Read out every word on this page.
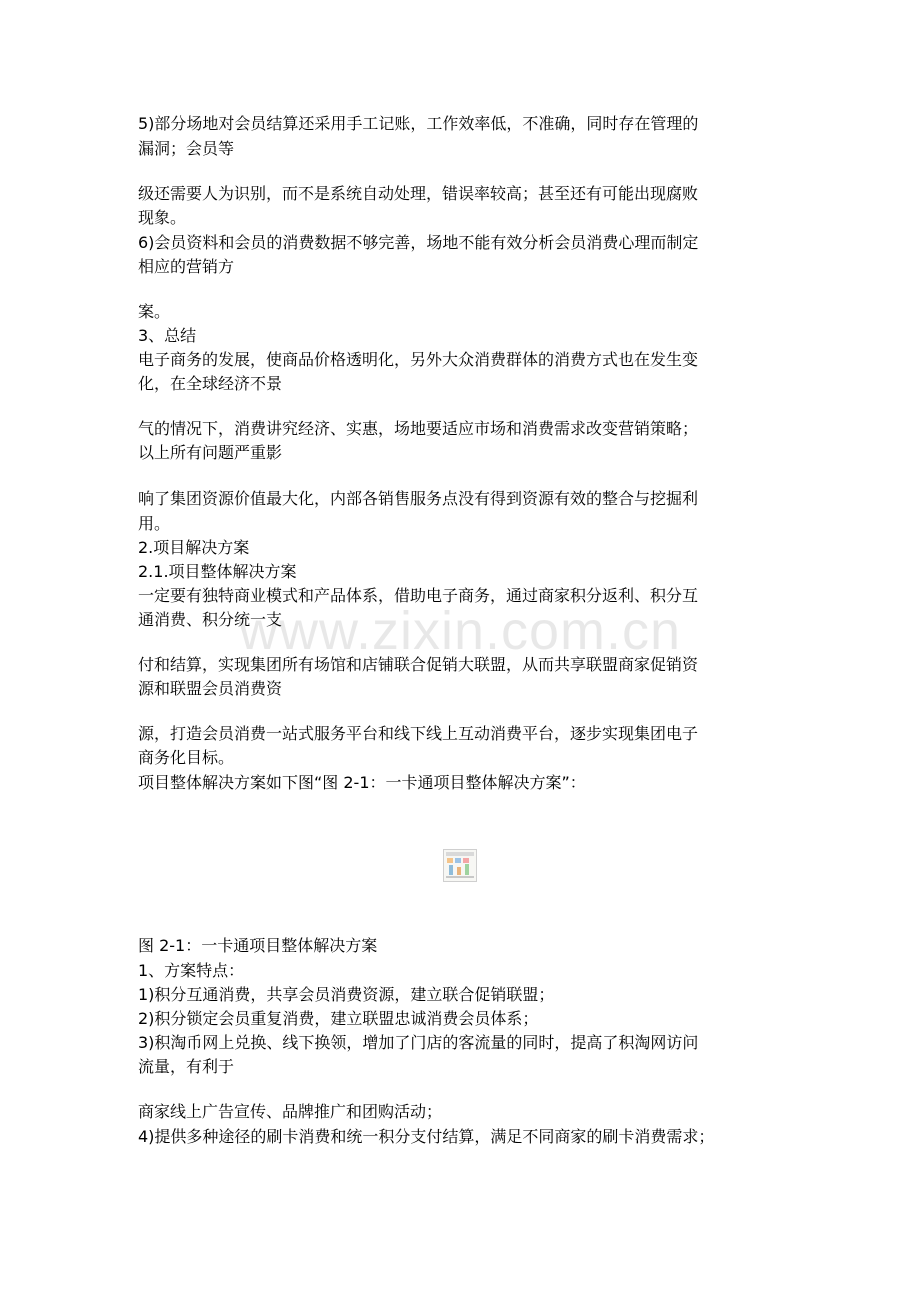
5)部分场地对会员结算还采用手工记账，工作效率低，不准确，同时存在管理的
漏洞；会员等
级还需要人为识别，而不是系统自动处理，错误率较高；甚至还有可能出现腐败
现象。
6)会员资料和会员的消费数据不够完善，场地不能有效分析会员消费心理而制定
相应的营销方
案。
3、总结
电子商务的发展，使商品价格透明化，另外大众消费群体的消费方式也在发生变
化，在全球经济不景
气的情况下，消费讲究经济、实惠，场地要适应市场和消费需求改变营销策略；
以上所有问题严重影
响了集团资源价值最大化，内部各销售服务点没有得到资源有效的整合与挖掘利
用。
2.项目解决方案
2.1.项目整体解决方案
一定要有独特商业模式和产品体系，借助电子商务，通过商家积分返利、积分互
通消费、积分统一支
付和结算，实现集团所有场馆和店铺联合促销大联盟，从而共享联盟商家促销资
源和联盟会员消费资
源，打造会员消费一站式服务平台和线下线上互动消费平台，逐步实现集团电子
商务化目标。
项目整体解决方案如下图“图 2-1：一卡通项目整体解决方案”：
图 2-1：一卡通项目整体解决方案
1、方案特点：
1)积分互通消费，共享会员消费资源，建立联合促销联盟；
2)积分锁定会员重复消费，建立联盟忠诚消费会员体系；
3)积淘币网上兑换、线下换领，增加了门店的客流量的同时，提高了积淘网访问
流量，有利于
商家线上广告宣传、品牌推广和团购活动；
4)提供多种途径的刷卡消费和统一积分支付结算，满足不同商家的刷卡消费需求；
www.zixin.com.cn
